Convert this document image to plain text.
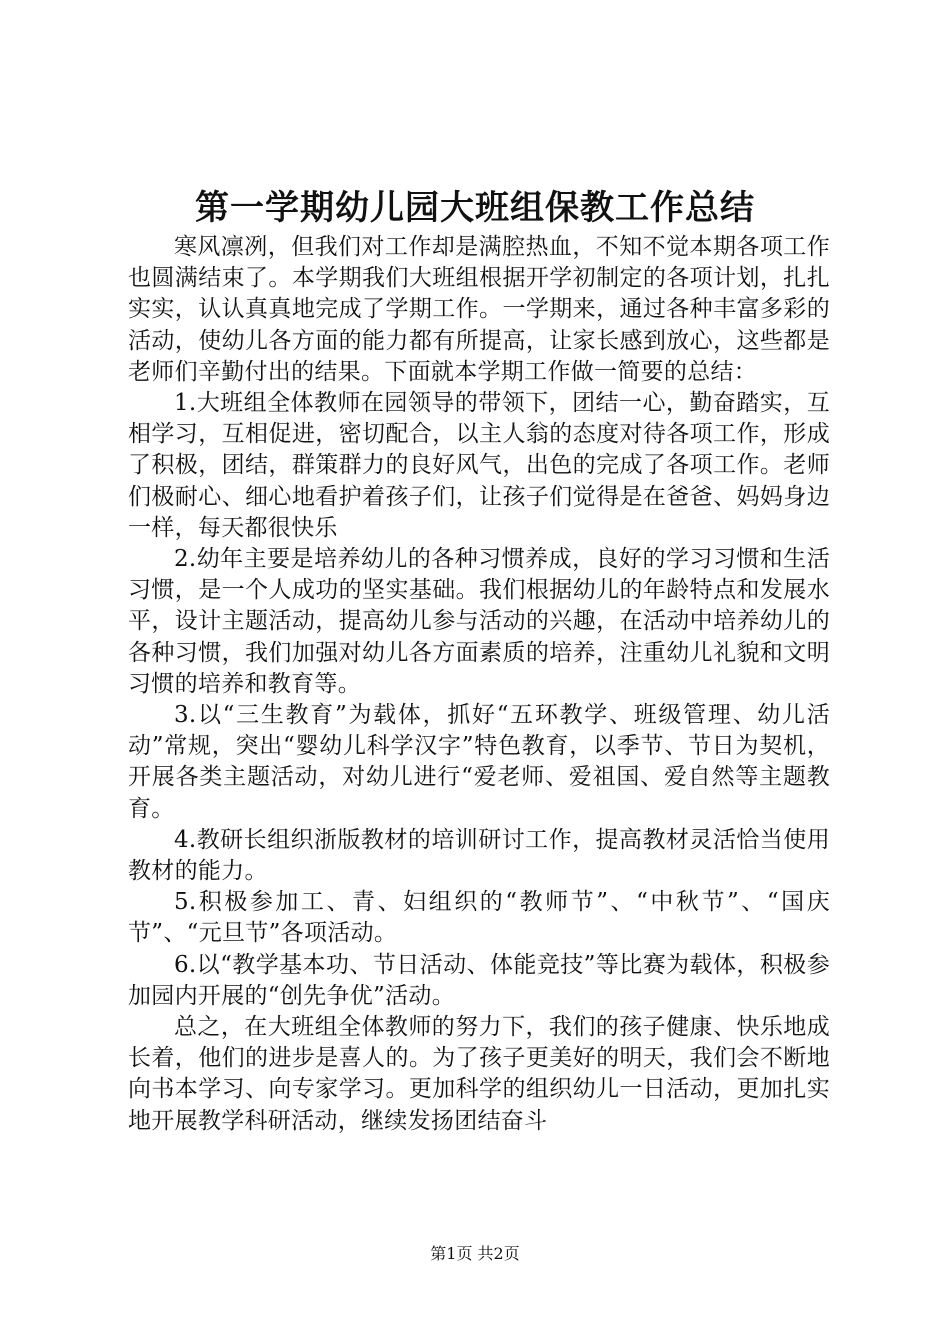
第一学期幼儿园大班组保教工作总结

寒风凛冽，但我们对工作却是满腔热血，不知不觉本期各项工作也圆满结束了。本学期我们大班组根据开学初制定的各项计划，扎扎实实，认认真真地完成了学期工作。一学期来，通过各种丰富多彩的活动，使幼儿各方面的能力都有所提高，让家长感到放心，这些都是老师们辛勤付出的结果。下面就本学期工作做一简要的总结：

1.大班组全体教师在园领导的带领下，团结一心，勤奋踏实，互相学习，互相促进，密切配合，以主人翁的态度对待各项工作，形成了积极，团结，群策群力的良好风气，出色的完成了各项工作。老师们极耐心、细心地看护着孩子们，让孩子们觉得是在爸爸、妈妈身边一样，每天都很快乐

2.幼年主要是培养幼儿的各种习惯养成，良好的学习习惯和生活习惯，是一个人成功的坚实基础。我们根据幼儿的年龄特点和发展水平，设计主题活动，提高幼儿参与活动的兴趣，在活动中培养幼儿的各种习惯，我们加强对幼儿各方面素质的培养，注重幼儿礼貌和文明习惯的培养和教育等。

3.以“三生教育”为载体，抓好“五环教学、班级管理、幼儿活动”常规，突出“婴幼儿科学汉字”特色教育，以季节、节日为契机，开展各类主题活动，对幼儿进行“爱老师、爱祖国、爱自然等主题教育。

4.教研长组织浙版教材的培训研讨工作，提高教材灵活恰当使用教材的能力。

5.积极参加工、青、妇组织的“教师节”、“中秋节”、“国庆节”、“元旦节”各项活动。

6.以“教学基本功、节日活动、体能竞技”等比赛为载体，积极参加园内开展的“创先争优”活动。

总之，在大班组全体教师的努力下，我们的孩子健康、快乐地成长着，他们的进步是喜人的。为了孩子更美好的明天，我们会不断地向书本学习、向专家学习。更加科学的组织幼儿一日活动，更加扎实地开展教学科研活动，继续发扬团结奋斗

第1页 共2页
